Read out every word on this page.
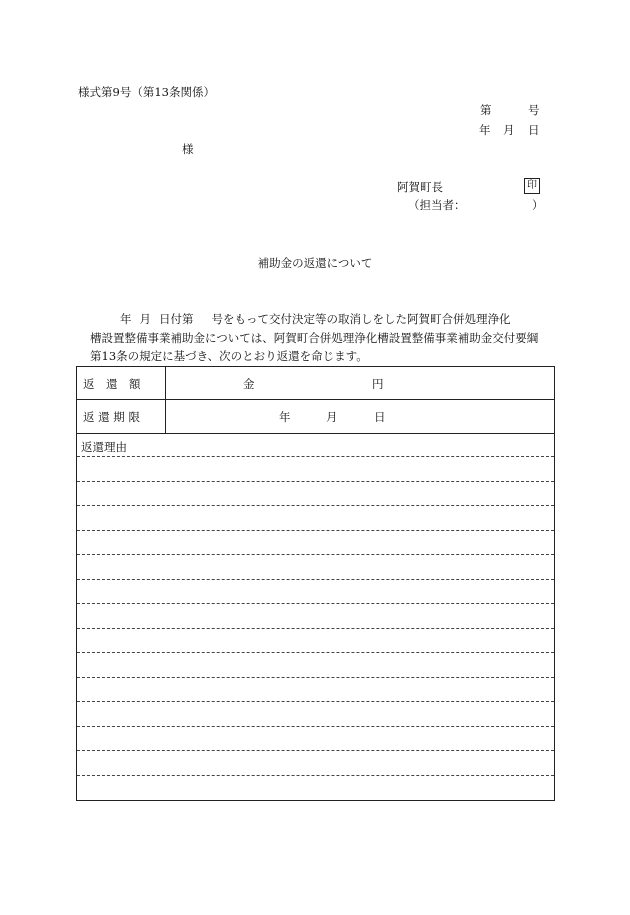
様式第9号（第13条関係）
第	号
年 月 日
様
阿賀町長	印
（担当者：	）
補助金の返還について
年 月 日付第 号をもって交付決定等の取消しをした阿賀町合併処理浄化
槽設置整備事業補助金については、阿賀町合併処理浄化槽設置整備事業補助金交付要綱
第13条の規定に基づき、次のとおり返還を命じます。
返　還　額	金	円
返 還 期 限	年	月	日
返還理由
